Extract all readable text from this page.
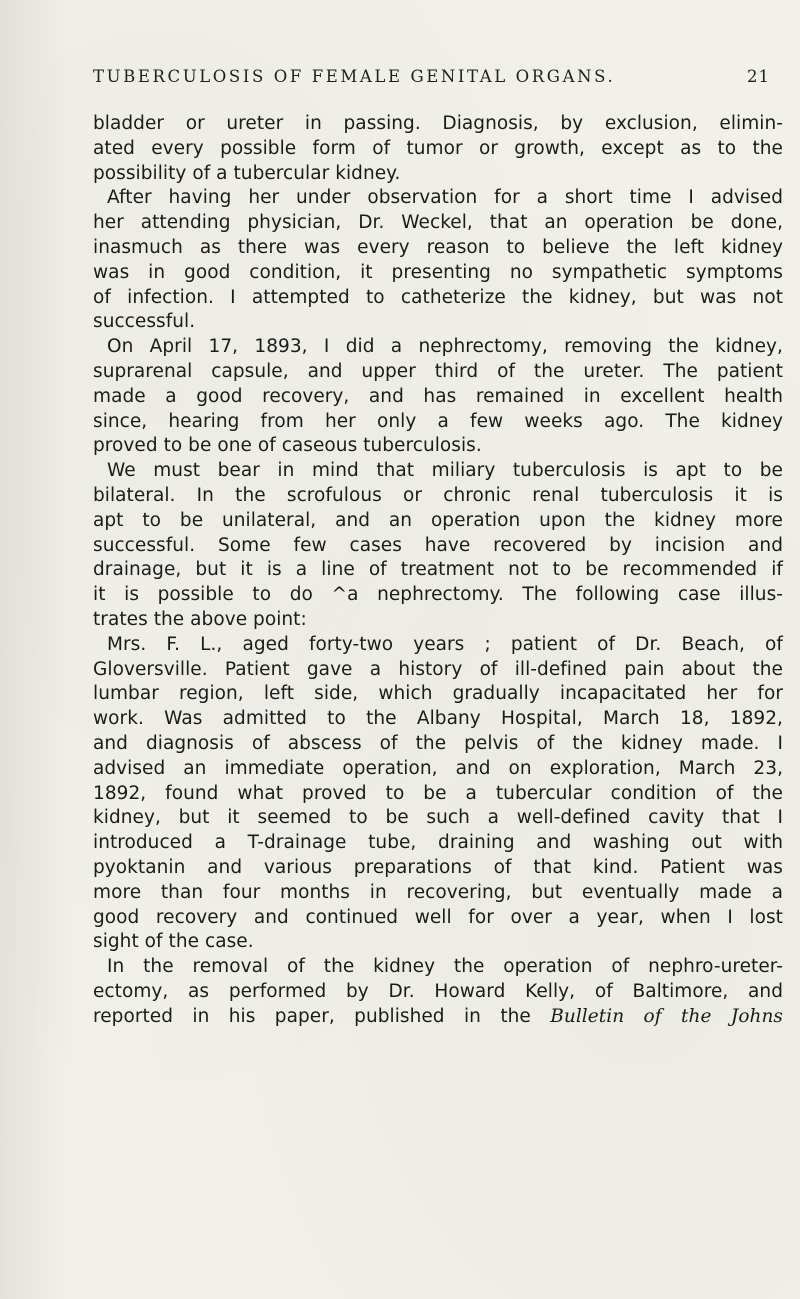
TUBERCULOSIS OF FEMALE GENITAL ORGANS.	21
bladder or ureter in passing. Diagnosis, by exclusion, elimin-
ated every possible form of tumor or growth, except as to the
possibility of a tubercular kidney.
After having her under observation for a short time I advised
her attending physician, Dr. Weckel, that an operation be done,
inasmuch as there was every reason to believe the left kidney
was in good condition, it presenting no sympathetic symptoms
of infection. I attempted to catheterize the kidney, but was not
successful.
On April 17, 1893, I did a nephrectomy, removing the kidney,
suprarenal capsule, and upper third of the ureter. The patient
made a good recovery, and has remained in excellent health
since, hearing from her only a few weeks ago. The kidney
proved to be one of caseous tuberculosis.
We must bear in mind that miliary tuberculosis is apt to be
bilateral. In the scrofulous or chronic renal tuberculosis it is
apt to be unilateral, and an operation upon the kidney more
successful. Some few cases have recovered by incision and
drainage, but it is a line of treatment not to be recommended if
it is possible to do ^a nephrectomy. The following case illus-
trates the above point:
Mrs. F. L., aged forty-two years ; patient of Dr. Beach, of
Gloversville. Patient gave a history of ill-defined pain about the
lumbar region, left side, which gradually incapacitated her for
work. Was admitted to the Albany Hospital, March 18, 1892,
and diagnosis of abscess of the pelvis of the kidney made. I
advised an immediate operation, and on exploration, March 23,
1892, found what proved to be a tubercular condition of the
kidney, but it seemed to be such a well-defined cavity that I
introduced a T-drainage tube, draining and washing out with
pyoktanin and various preparations of that kind. Patient was
more than four months in recovering, but eventually made a
good recovery and continued well for over a year, when I lost
sight of the case.
In the removal of the kidney the operation of nephro-ureter-
ectomy, as performed by Dr. Howard Kelly, of Baltimore, and
reported in his paper, published in the Bulletin of the Johns
